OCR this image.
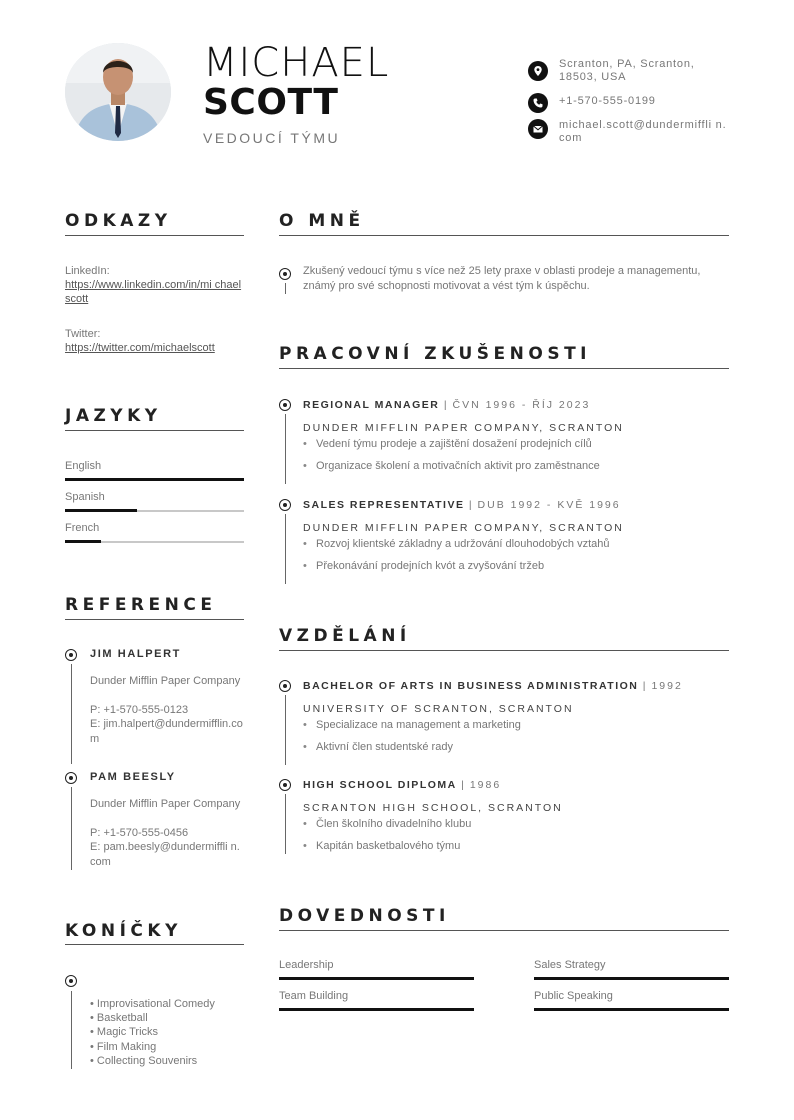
MICHAEL
SCOTT
VEDOUCÍ TÝMU
Scranton, PA, Scranton, 18503, USA
+1-570-555-0199
michael.scott@dundermiffli n.com
ODKAZY
LinkedIn:
https://www.linkedin.com/in/mi chaelscott
Twitter:
https://twitter.com/michaelscott
JAZYKY
English
Spanish
French
REFERENCE
JIM HALPERT
Dunder Mifflin Paper Company
P: +1-570-555-0123
E: jim.halpert@dundermifflin.com
PAM BEESLY
Dunder Mifflin Paper Company
P: +1-570-555-0456
E: pam.beesly@dundermiffli n.com
KONÍČKY
• Improvisational Comedy
• Basketball
• Magic Tricks
• Film Making
• Collecting Souvenirs
O MNĚ
Zkušený vedoucí týmu s více než 25 lety praxe v oblasti prodeje a managementu, známý pro své schopnosti motivovat a vést tým k úspěchu.
PRACOVNÍ ZKUŠENOSTI
REGIONAL MANAGER | ČVN 1996 - ŘÍJ 2023
DUNDER MIFFLIN PAPER COMPANY, SCRANTON
• Vedení týmu prodeje a zajištění dosažení prodejních cílů
• Organizace školení a motivačních aktivit pro zaměstnance
SALES REPRESENTATIVE | DUB 1992 - KVĚ 1996
DUNDER MIFFLIN PAPER COMPANY, SCRANTON
• Rozvoj klientské základny a udržování dlouhodobých vztahů
• Překonávání prodejních kvót a zvyšování tržeb
VZDĚLÁNÍ
BACHELOR OF ARTS IN BUSINESS ADMINISTRATION | 1992
UNIVERSITY OF SCRANTON, SCRANTON
• Specializace na management a marketing
• Aktivní člen studentské rady
HIGH SCHOOL DIPLOMA | 1986
SCRANTON HIGH SCHOOL, SCRANTON
• Člen školního divadelního klubu
• Kapitán basketbalového týmu
DOVEDNOSTI
Leadership	Sales Strategy
Team Building	Public Speaking
